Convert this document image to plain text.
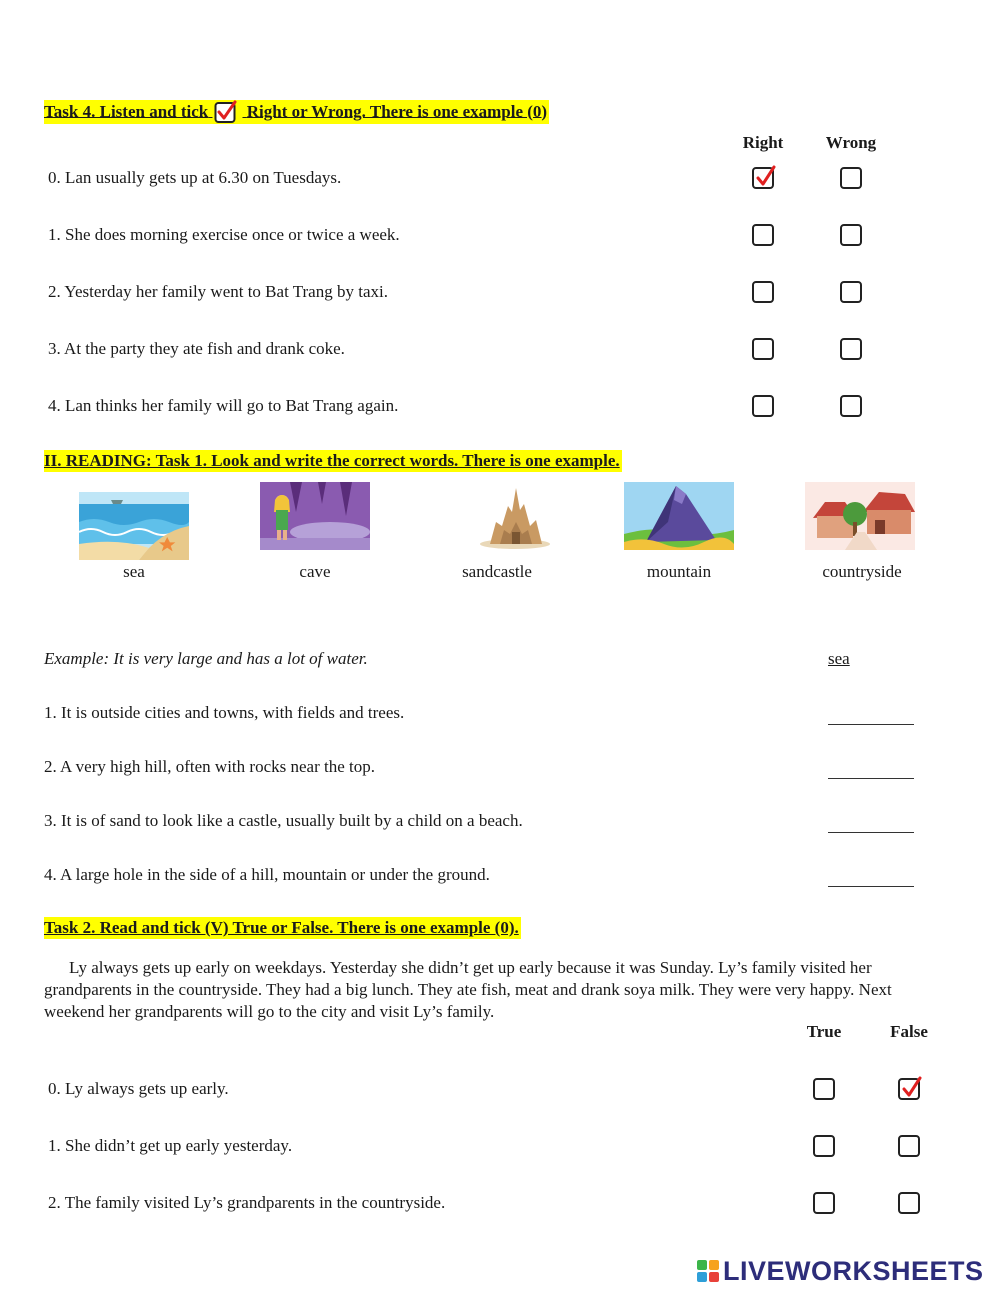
Task 4. Listen and tick Right or Wrong. There is one example (0)
Right	Wrong
0. Lan usually gets up at 6.30 on Tuesdays.
1. She does morning exercise once or twice a week.
2. Yesterday her family went to Bat Trang by taxi.
3. At the party they ate fish and drank coke.
4. Lan thinks her family will go to Bat Trang again.
II. READING: Task 1. Look and write the correct words. There is one example.
sea	cave	sandcastle	mountain	countryside
Example: It is very large and has a lot of water.	sea
1. It is outside cities and towns, with fields and trees.
2. A very high hill, often with rocks near the top.
3. It is of sand to look like a castle, usually built by a child on a beach.
4. A large hole in the side of a hill, mountain or under the ground.
Task 2. Read and tick (V) True or False. There is one example (0).
Ly always gets up early on weekdays. Yesterday she didn’t get up early because it was Sunday. Ly’s family visited her grandparents in the countryside. They had a big lunch. They ate fish, meat and drank soya milk. They were very happy. Next weekend her grandparents will go to the city and visit Ly’s family.
True	False
0. Ly always gets up early.
1. She didn’t get up early yesterday.
2. The family visited Ly’s grandparents in the countryside.
LIVEWORKSHEETS
